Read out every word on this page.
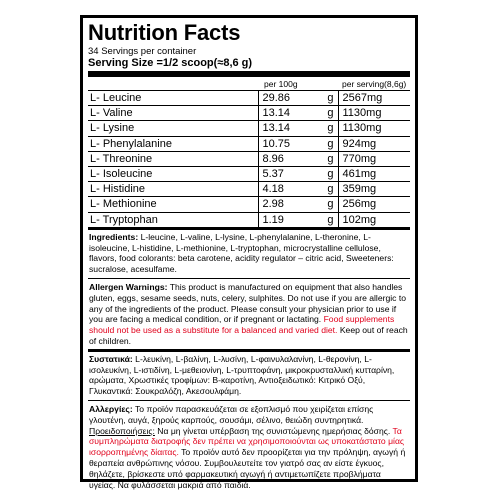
Nutrition Facts
34 Servings per container
Serving Size =1/2 scoop(≈8,6 g)
	per 100g	per serving(8,6g)
L- Leucine	29.86 g	2567 mg

L- Valine	13.14 g	1130 mg

L- Lysine	13.14 g	1130 mg

L- Phenylalanine	10.75 g	924 mg

L- Threonine	8.96 g	770 mg

L- Isoleucine	5.37 g	461 mg

L- Histidine	4.18 g	359 mg

L- Methionine	2.98 g	256 mg

L- Tryptophan	1.19 g	102 mg
Ingredients: L-leucine, L-valine, L-lysine, L-phenylalanine, L-theronine, L-isoleucine, L-histidine, L-methionine, L-tryptophan, microcrystalline cellulose, flavors, food colorants: beta carotene, acidity regulator – citric acid, Sweeteners: sucralose, acesulfame.
Allergen Warnings: This product is manufactured on equipment that also handles gluten, eggs, sesame seeds, nuts, celery, sulphites. Do not use if you are allergic to any of the ingredients of the product. Please consult your physician prior to use if you are facing a medical condition, or if pregnant or lactating. Food supplements should not be used as a substitute for a balanced and varied diet. Keep out of reach of children.
Συστατικά: L-λευκίνη, L-βαλίνη, L-λυσίνη, L-φαινυλαλανίνη, L-θερονίνη, L-ισολευκίνη, L-ιστιδίνη, L-μεθειονίνη, L-τρυπτοφάνη, μικροκρυσταλλική κυτταρίνη, αρώματα, Χρωστικές τροφίμων: Β-καροτίνη, Αντιοξειδωτικό: Κιτρικό Οξύ, Γλυκαντικά: Σουκραλόζη, Ακεσουλφάμη.
Αλλεργίες: Το προϊόν παρασκευάζεται σε εξοπλισμό που χειρίζεται επίσης γλουτένη, αυγά, ξηρούς καρπούς, σουσάμι, σέλινο, θειώδη συντηρητικά. Προειδοποιήσεις: Να μη γίνεται υπέρβαση της συνιστώμενης ημερήσιας δόσης. Τα συμπληρώματα διατροφής δεν πρέπει να χρησιμοποιούνται ως υποκατάστατο μίας ισορροπημένης δίαιτας. Το προϊόν αυτό δεν προορίζεται για την πρόληψη, αγωγή ή θεραπεία ανθρώπινης νόσου. Συμβουλευτείτε τον γιατρό σας αν είστε έγκυος, θηλάζετε, βρίσκεστε υπό φαρμακευτική αγωγή ή αντιμετωπίζετε προβλήματα υγείας. Να φυλάσσεται μακριά από παιδιά.
